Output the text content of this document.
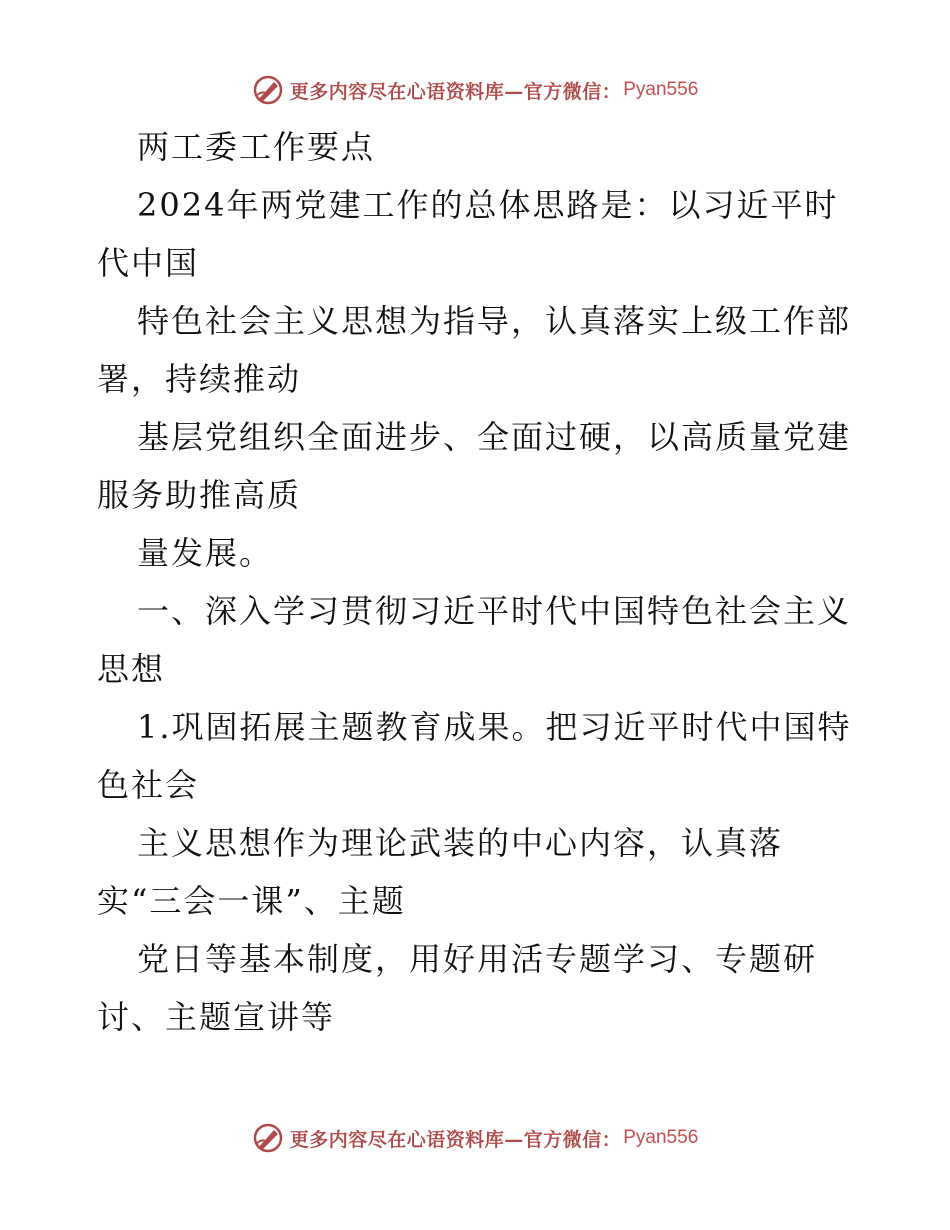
更多内容尽在心语资料库—官方微信： Pyan556
两工委工作要点
2024年两党建工作的总体思路是：以习近平时
代中国
特色社会主义思想为指导，认真落实上级工作部
署，持续推动
基层党组织全面进步、全面过硬，以高质量党建
服务助推高质
量发展。
一、深入学习贯彻习近平时代中国特色社会主义
思想
1.巩固拓展主题教育成果。把习近平时代中国特
色社会
主义思想作为理论武装的中心内容，认真落
实“三会一课”、主题
党日等基本制度，用好用活专题学习、专题研
讨、主题宣讲等
更多内容尽在心语资料库—官方微信： Pyan556
